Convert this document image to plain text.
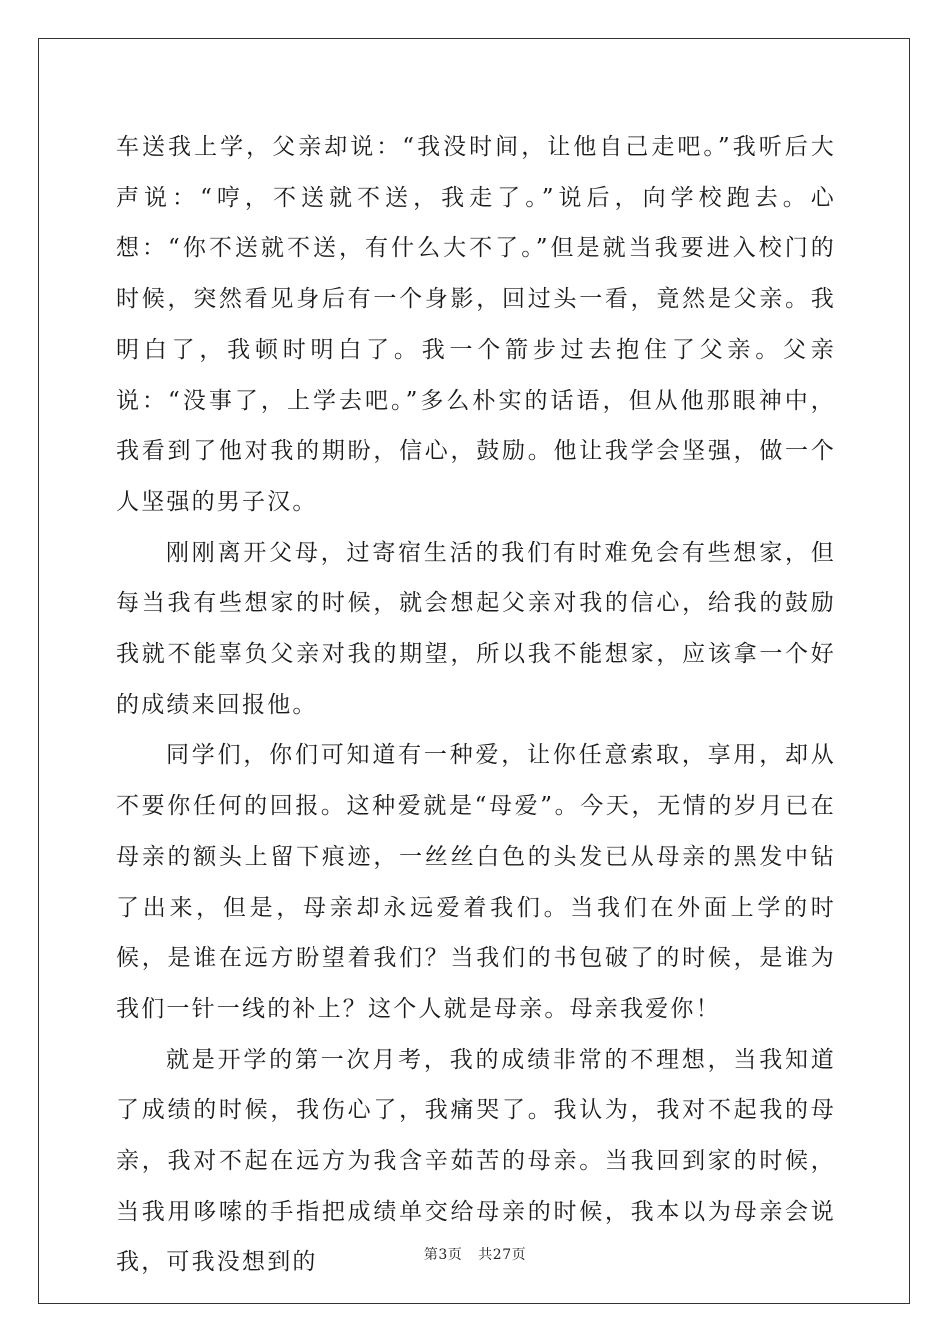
车送我上学，父亲却说：“我没时间，让他自己走吧。”我听后大声说：“哼，不送就不送，我走了。”说后，向学校跑去。心想：“你不送就不送，有什么大不了。”但是就当我要进入校门的时候，突然看见身后有一个身影，回过头一看，竟然是父亲。我明白了，我顿时明白了。我一个箭步过去抱住了父亲。父亲说：“没事了，上学去吧。”多么朴实的话语，但从他那眼神中，我看到了他对我的期盼，信心，鼓励。他让我学会坚强，做一个人坚强的男子汉。

刚刚离开父母，过寄宿生活的我们有时难免会有些想家，但每当我有些想家的时候，就会想起父亲对我的信心，给我的鼓励我就不能辜负父亲对我的期望，所以我不能想家，应该拿一个好的成绩来回报他。

同学们，你们可知道有一种爱，让你任意索取，享用，却从不要你任何的回报。这种爱就是“母爱”。今天，无情的岁月已在母亲的额头上留下痕迹，一丝丝白色的头发已从母亲的黑发中钻了出来，但是，母亲却永远爱着我们。当我们在外面上学的时候，是谁在远方盼望着我们？当我们的书包破了的时候，是谁为我们一针一线的补上？这个人就是母亲。母亲我爱你！

就是开学的第一次月考，我的成绩非常的不理想，当我知道了成绩的时候，我伤心了，我痛哭了。我认为，我对不起我的母亲，我对不起在远方为我含辛茹苦的母亲。当我回到家的时候，当我用哆嗦的手指把成绩单交给母亲的时候，我本以为母亲会说我，可我没想到的	第3页 共27页
